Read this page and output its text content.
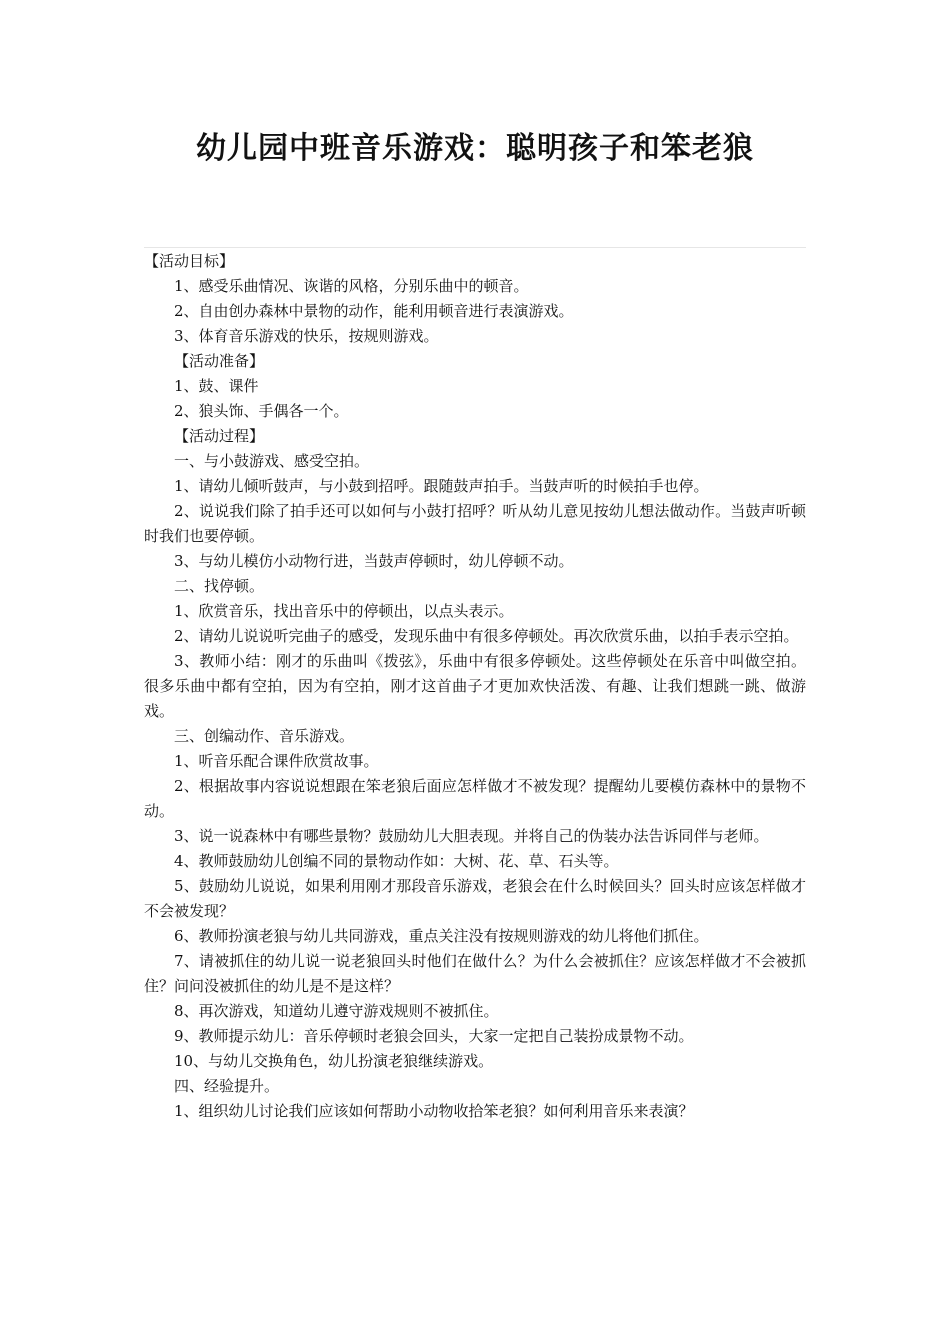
幼儿园中班音乐游戏：聪明孩子和笨老狼

【活动目标】

1、感受乐曲情况、诙谐的风格，分别乐曲中的顿音。

2、自由创办森林中景物的动作，能利用顿音进行表演游戏。

3、体育音乐游戏的快乐，按规则游戏。

【活动准备】

1、鼓、课件

2、狼头饰、手偶各一个。

【活动过程】

一、与小鼓游戏、感受空拍。

1、请幼儿倾听鼓声，与小鼓到招呼。跟随鼓声拍手。当鼓声听的时候拍手也停。

2、说说我们除了拍手还可以如何与小鼓打招呼？听从幼儿意见按幼儿想法做动作。当鼓声听顿时我们也要停顿。

3、与幼儿模仿小动物行进，当鼓声停顿时，幼儿停顿不动。

二、找停顿。

1、欣赏音乐，找出音乐中的停顿出，以点头表示。

2、请幼儿说说听完曲子的感受，发现乐曲中有很多停顿处。再次欣赏乐曲，以拍手表示空拍。

3、教师小结：刚才的乐曲叫《拨弦》，乐曲中有很多停顿处。这些停顿处在乐音中叫做空拍。很多乐曲中都有空拍，因为有空拍，刚才这首曲子才更加欢快活泼、有趣、让我们想跳一跳、做游戏。

三、创编动作、音乐游戏。

1、听音乐配合课件欣赏故事。

2、根据故事内容说说想跟在笨老狼后面应怎样做才不被发现？提醒幼儿要模仿森林中的景物不动。

3、说一说森林中有哪些景物？鼓励幼儿大胆表现。并将自己的伪装办法告诉同伴与老师。

4、教师鼓励幼儿创编不同的景物动作如：大树、花、草、石头等。

5、鼓励幼儿说说，如果利用刚才那段音乐游戏，老狼会在什么时候回头？回头时应该怎样做才不会被发现？

6、教师扮演老狼与幼儿共同游戏，重点关注没有按规则游戏的幼儿将他们抓住。

7、请被抓住的幼儿说一说老狼回头时他们在做什么？为什么会被抓住？应该怎样做才不会被抓住？问问没被抓住的幼儿是不是这样？

8、再次游戏，知道幼儿遵守游戏规则不被抓住。

9、教师提示幼儿：音乐停顿时老狼会回头，大家一定把自己装扮成景物不动。

10、与幼儿交换角色，幼儿扮演老狼继续游戏。

四、经验提升。

1、组织幼儿讨论我们应该如何帮助小动物收拾笨老狼？如何利用音乐来表演？
